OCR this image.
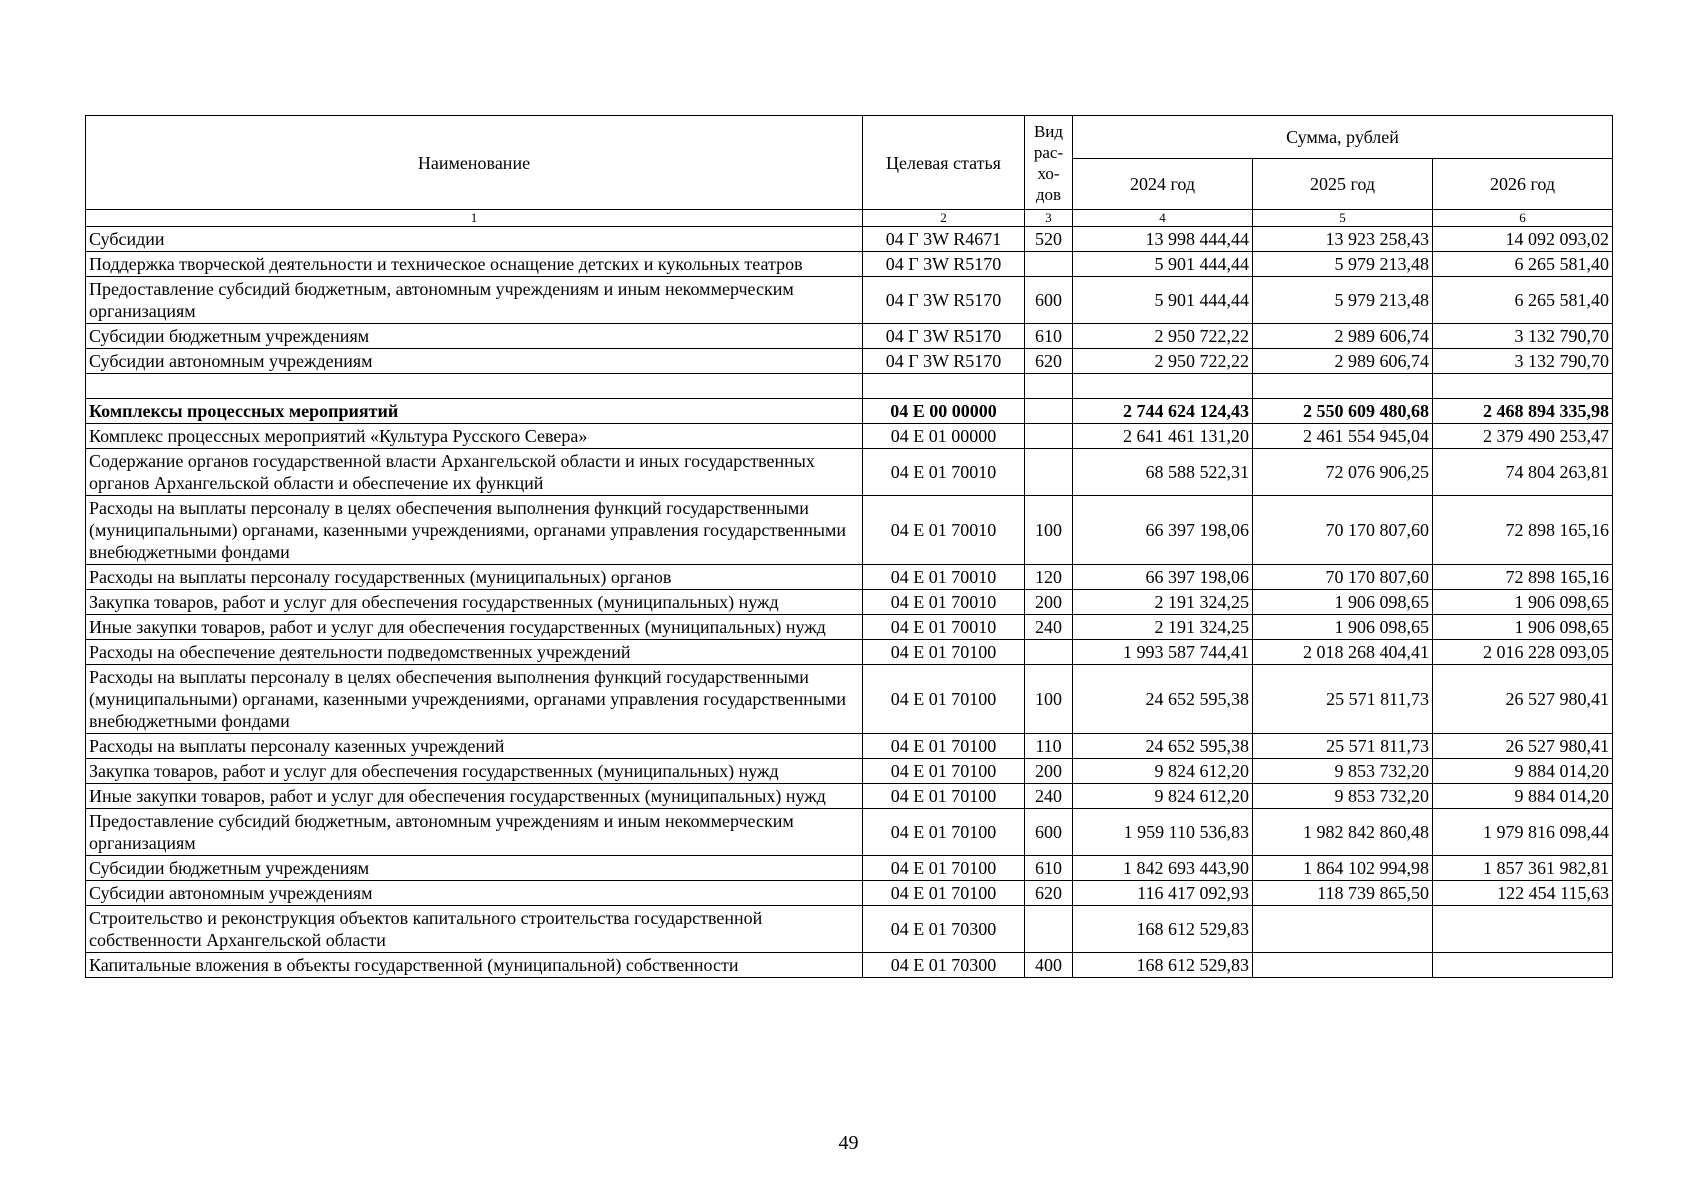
Наименование	Целевая статья	Вид
рас-
хо-
дов	Сумма, рублей		
			2024 год	2025 год	2026 год
1	2	3	4	5	6
Субсидии	04 Г 3W R4671	520	13 998 444,44	13 923 258,43	14 092 093,02
Поддержка творческой деятельности и техническое оснащение детских и кукольных театров	04 Г 3W R5170		5 901 444,44	5 979 213,48	6 265 581,40
Предоставление субсидий бюджетным, автономным учреждениям и иным некоммерческим организациям	04 Г 3W R5170	600	5 901 444,44	5 979 213,48	6 265 581,40
Субсидии бюджетным учреждениям	04 Г 3W R5170	610	2 950 722,22	2 989 606,74	3 132 790,70
Субсидии автономным учреждениям	04 Г 3W R5170	620	2 950 722,22	2 989 606,74	3 132 790,70

Комплексы процессных мероприятий	04 Е 00 00000		2 744 624 124,43	2 550 609 480,68	2 468 894 335,98
Комплекс процессных мероприятий «Культура Русского Севера»	04 Е 01 00000		2 641 461 131,20	2 461 554 945,04	2 379 490 253,47
Содержание органов государственной власти Архангельской области и иных государственных органов Архангельской области и обеспечение их функций	04 Е 01 70010		68 588 522,31	72 076 906,25	74 804 263,81
Расходы на выплаты персоналу в целях обеспечения выполнения функций государственными (муниципальными) органами, казенными учреждениями, органами управления государственными внебюджетными фондами	04 Е 01 70010	100	66 397 198,06	70 170 807,60	72 898 165,16
Расходы на выплаты персоналу государственных (муниципальных) органов	04 Е 01 70010	120	66 397 198,06	70 170 807,60	72 898 165,16
Закупка товаров, работ и услуг для обеспечения государственных (муниципальных) нужд	04 Е 01 70010	200	2 191 324,25	1 906 098,65	1 906 098,65
Иные закупки товаров, работ и услуг для обеспечения государственных (муниципальных) нужд	04 Е 01 70010	240	2 191 324,25	1 906 098,65	1 906 098,65
Расходы на обеспечение деятельности подведомственных учреждений	04 Е 01 70100		1 993 587 744,41	2 018 268 404,41	2 016 228 093,05
Расходы на выплаты персоналу в целях обеспечения выполнения функций государственными (муниципальными) органами, казенными учреждениями, органами управления государственными внебюджетными фондами	04 Е 01 70100	100	24 652 595,38	25 571 811,73	26 527 980,41
Расходы на выплаты персоналу казенных учреждений	04 Е 01 70100	110	24 652 595,38	25 571 811,73	26 527 980,41
Закупка товаров, работ и услуг для обеспечения государственных (муниципальных) нужд	04 Е 01 70100	200	9 824 612,20	9 853 732,20	9 884 014,20
Иные закупки товаров, работ и услуг для обеспечения государственных (муниципальных) нужд	04 Е 01 70100	240	9 824 612,20	9 853 732,20	9 884 014,20
Предоставление субсидий бюджетным, автономным учреждениям и иным некоммерческим организациям	04 Е 01 70100	600	1 959 110 536,83	1 982 842 860,48	1 979 816 098,44
Субсидии бюджетным учреждениям	04 Е 01 70100	610	1 842 693 443,90	1 864 102 994,98	1 857 361 982,81
Субсидии автономным учреждениям	04 Е 01 70100	620	116 417 092,93	118 739 865,50	122 454 115,63
Строительство и реконструкция объектов капитального строительства государственной собственности Архангельской области	04 Е 01 70300		168 612 529,83		
Капитальные вложения в объекты государственной (муниципальной) собственности	04 Е 01 70300	400	168 612 529,83		
49
